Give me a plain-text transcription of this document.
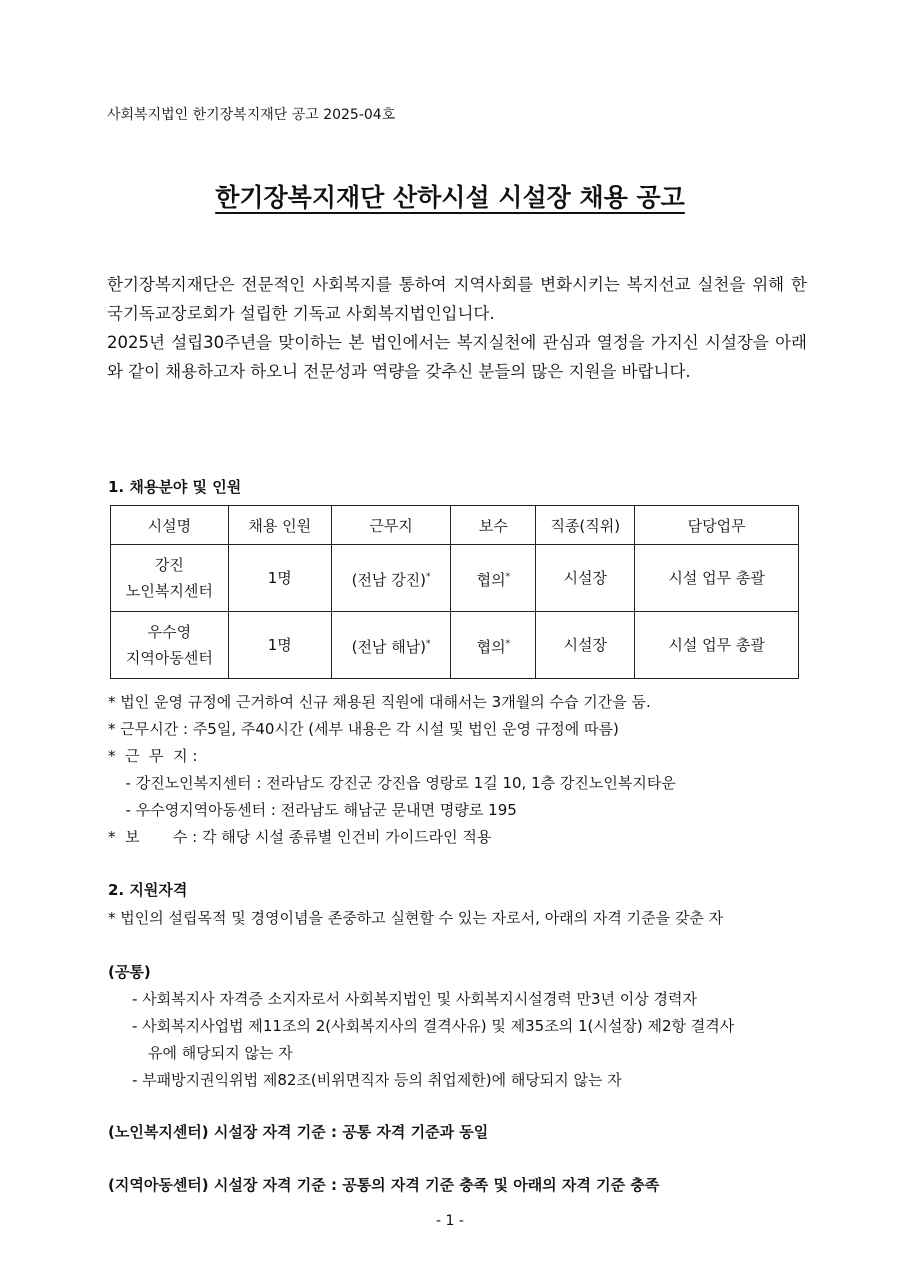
사회복지법인 한기장복지재단 공고 2025-04호
한기장복지재단 산하시설 시설장 채용 공고

한기장복지재단은 전문적인 사회복지를 통하여 지역사회를 변화시키는 복지선교 실천을 위해 한국기독교장로회가 설립한 기독교 사회복지법인입니다.

2025년 설립30주년을 맞이하는 본 법인에서는 복지실천에 관심과 열정을 가지신 시설장을 아래와 같이 채용하고자 하오니 전문성과 역량을 갖추신 분들의 많은 지원을 바랍니다.

1. 채용분야 및 인원
시설명	채용 인원	근무지	보수	직종(직위)	담당업무
강진
노인복지센터	1명	(전남 강진)*	협의*	시설장	시설 업무 총괄
우수영
지역아동센터	1명	(전남 해남)*	협의*	시설장	시설 업무 총괄
* 법인 운영 규정에 근거하여 신규 채용된 직원에 대해서는 3개월의 수습 기간을 둠.
* 근무시간 : 주5일, 주40시간 (세부 내용은 각 시설 및 법인 운영 규정에 따름)
*  근  무  지 :
- 강진노인복지센터 : 전라남도 강진군 강진읍 영랑로 1길 10, 1층 강진노인복지타운
- 우수영지역아동센터 : 전라남도 해남군 문내면 명량로 195
*  보       수 : 각 해당 시설 종류별 인건비 가이드라인 적용
2. 지원자격
* 법인의 설립목적 및 경영이념을 존중하고 실현할 수 있는 자로서, 아래의 자격 기준을 갖춘 자
(공통)
- 사회복지사 자격증 소지자로서 사회복지법인 및 사회복지시설경력 만3년 이상 경력자
- 사회복지사업법 제11조의 2(사회복지사의 결격사유) 및 제35조의 1(시설장) 제2항 결격사
유에 해당되지 않는 자
- 부패방지권익위법 제82조(비위면직자 등의 취업제한)에 해당되지 않는 자
(노인복지센터) 시설장 자격 기준 : 공통 자격 기준과 동일
(지역아동센터) 시설장 자격 기준 : 공통의 자격 기준 충족 및 아래의 자격 기준 충족
- 1 -
